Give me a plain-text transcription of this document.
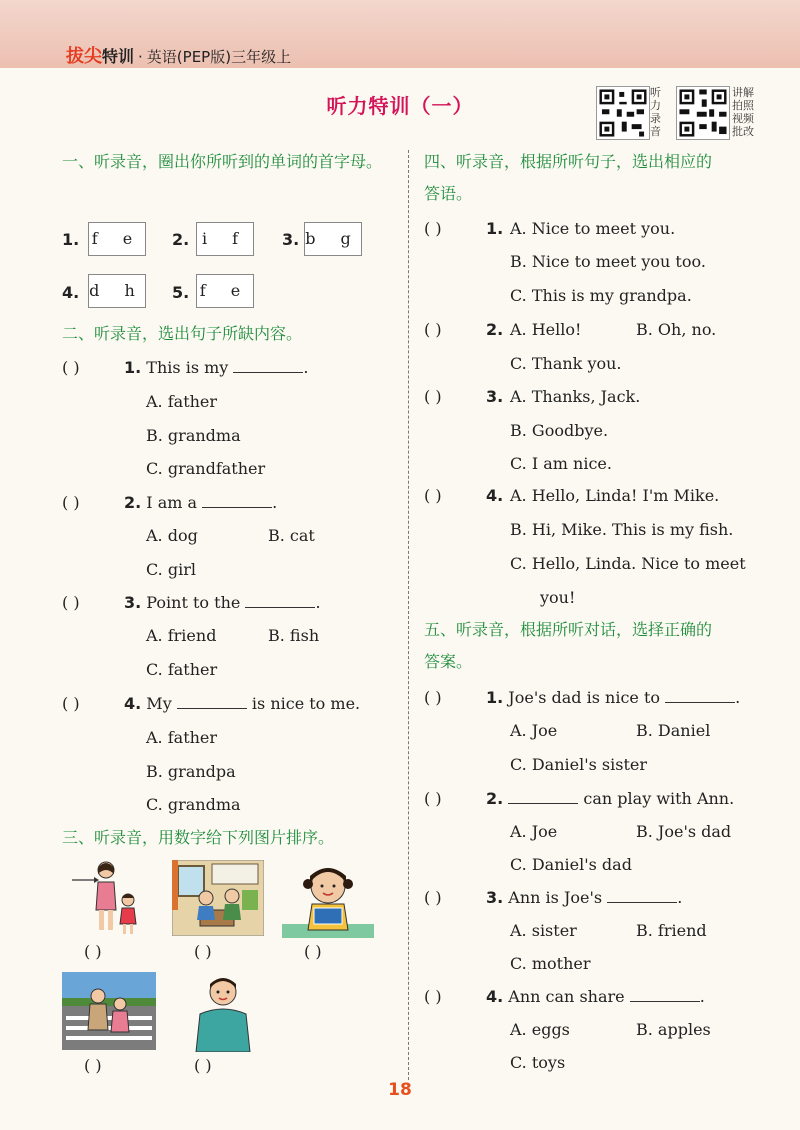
拔尖特训 · 英语(PEP版)三年级上
听力特训（一）
听力录音
讲解拍照视频批改
一、听录音，圈出你所听到的单词的首字母。
1. f e 2. i f	3. b g
4. d h 5. f e
二、听录音，选出句子所缺内容。
( )	1. This is my	.
A. father
B. grandma
C. grandfather
( )	2. I am a	.
A. dog	B. cat
C. girl
( )	3. Point to the	.
A. friend	B. fish
C. father
( )	4. My	is nice to me.
A. father
B. grandpa
C. grandma
三、听录音，用数字给下列图片排序。
( )	( )	( )
( )	( )
四、听录音，根据所听句子，选出相应的
答语。
( )	1. A. Nice to meet you.
B. Nice to meet you too.
C. This is my grandpa.
( )	2. A. Hello!	B. Oh, no.
C. Thank you.
( )	3. A. Thanks, Jack.
B. Goodbye.
C. I am nice.
( )	4. A. Hello, Linda! I'm Mike.
B. Hi, Mike. This is my fish.
C. Hello, Linda. Nice to meet
you!
五、听录音，根据所听对话，选择正确的
答案。
( )	1. Joe's dad is nice to	.
A. Joe	B. Daniel
C. Daniel's sister
( )	2.	can play with Ann.
A. Joe	B. Joe's dad
C. Daniel's dad
( )	3. Ann is Joe's	.
A. sister	B. friend
C. mother
( )	4. Ann can share	.
A. eggs	B. apples
C. toys
18
